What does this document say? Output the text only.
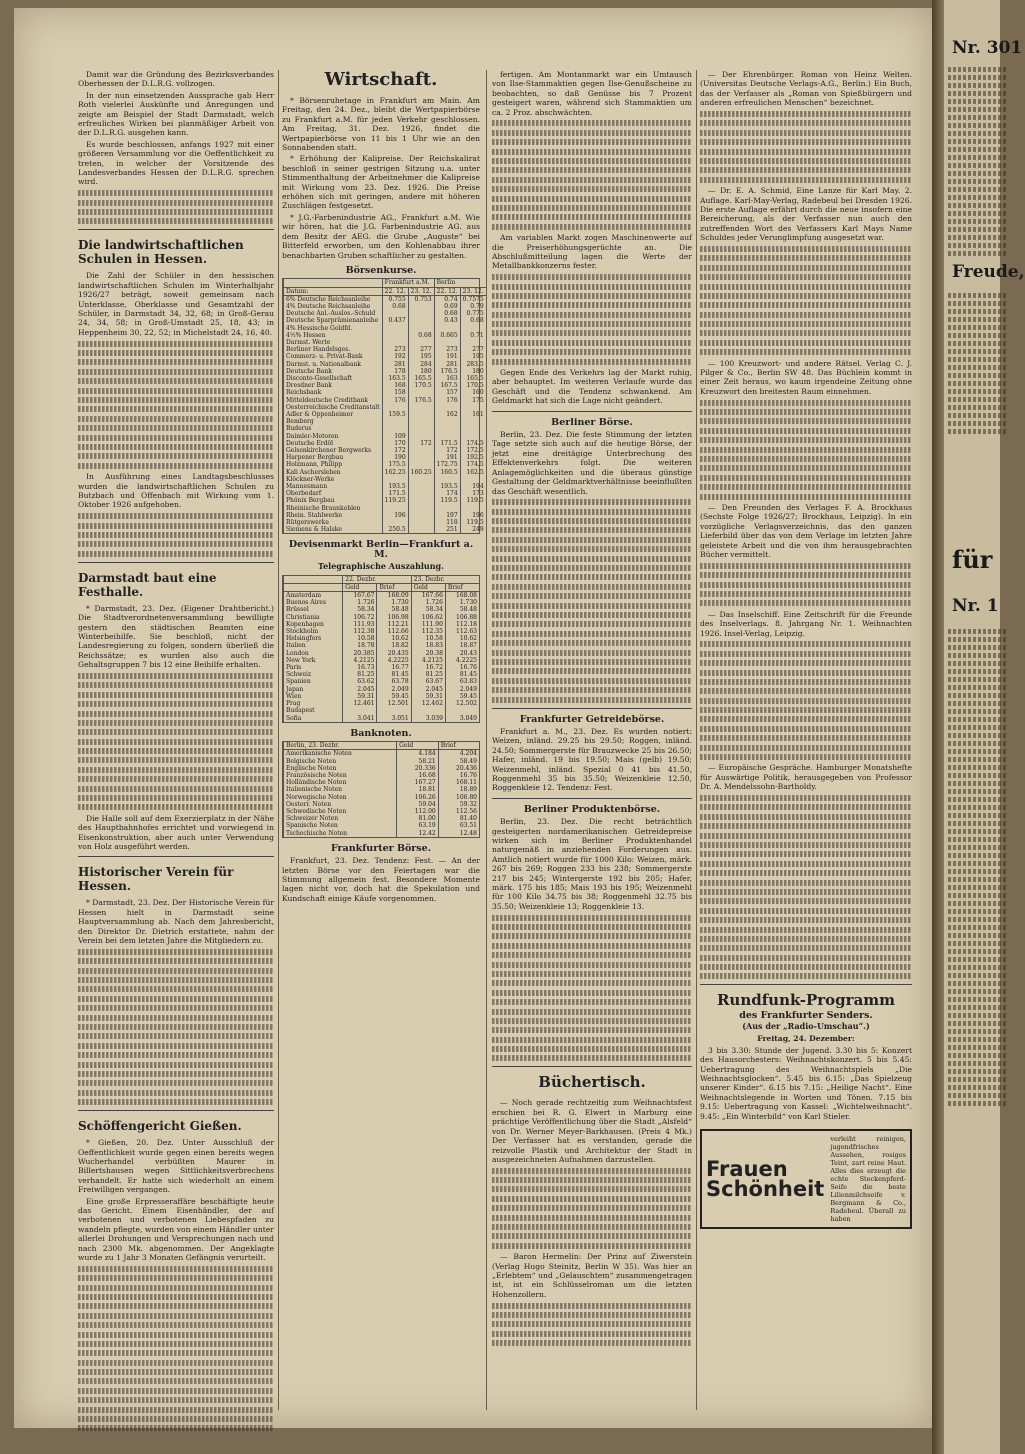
Nr. 301
Freude,
für
Nr. 1

Damit war die Gründung des Bezirksverbandes Oberhessen der D.L.R.G. vollzogen.

In der nun einsetzenden Aussprache gab Herr Roth vielerlei Auskünfte und Anregungen und zeigte am Beispiel der Stadt Darmstadt, welch erfreuliches Wirken bei planmäßiger Arbeit von der D.L.R.G. ausgehen kann.

Es wurde beschlossen, anfangs 1927 mit einer größeren Versammlung vor die Oeffentlichkeit zu treten, in welcher der Vorsitzende des Landesverbandes Hessen der D.L.R.G. sprechen wird.

Die landwirtschaftlichen Schulen in Hessen.

Die Zahl der Schüler in den hessischen landwirtschaftlichen Schulen im Winterhalbjahr 1926/27 beträgt, soweit gemeinsam nach Unterklasse, Oberklasse und Gesamtzahl der Schüler, in Darmstadt 34, 32, 68; in Groß-Gerau 24, 34, 58; in Groß-Umstadt 25, 18, 43; in Heppenheim 30, 22, 52; in Michelstadt 24, 16, 40.

In Ausführung eines Landtagsbeschlusses wurden die landwirtschaftlichen Schulen zu Butzbach und Offenbach mit Wirkung vom 1. Oktober 1926 aufgehoben.

Darmstadt baut eine Festhalle.

* Darmstadt, 23. Dez. (Eigener Drahtbericht.) Die Stadtverordnetenversammlung bewilligte gestern den städtischen Beamten eine Winterbeihilfe. Sie beschloß, nicht der Landesregierung zu folgen, sondern überließ die Reichssätze; es wurden also auch die Gehaltsgruppen 7 bis 12 eine Beihilfe erhalten.

Die Halle soll auf dem Exerzierplatz in der Nähe des Hauptbahnhofes errichtet und vorwiegend in Eisenkonstruktion, aber auch unter Verwendung von Holz ausgeführt werden.

Historischer Verein für Hessen.

* Darmstadt, 23. Dez. Der Historische Verein für Hessen hielt in Darmstadt seine Hauptversammlung ab. Nach dem Jahresbericht, den Direktor Dr. Dietrich erstattete, nahm der Verein bei dem letzten Jahre die Mitgliedern zu.

Schöffengericht Gießen.

* Gießen, 20. Dez. Unter Ausschluß der Oeffentlichkeit wurde gegen einen bereits wegen Wucherhandel verbüßten Maurer in Billertshausen wegen Sittlichkeitsverbrechens verhandelt. Er hatte sich wiederholt an einem Freiwilligen vergangen.

Eine große Erpresseraffäre beschäftigte heute das Gericht. Einem Eisenhändler, der auf verbotenen und verbotenen Liebespfaden zu wandeln pflegte, wurden von einem Händler unter allerlei Drohungen und Versprechungen nach und nach 2300 Mk. abgenommen. Der Angeklagte wurde zu 1 Jahr 3 Monaten Gefängnis verurteilt.

Wirtschaft.

* Börsenruhetage in Frankfurt am Main. Am Freitag, den 24. Dez., bleibt die Wertpapierbörse zu Frankfurt a.M. für jeden Verkehr geschlossen. Am Freitag, 31. Dez. 1926, findet die Wertpapierbörse von 11 bis 1 Uhr wie an den Sonnabenden statt.

* Erhöhung der Kalipreise. Der Reichskalirat beschloß in seiner gestrigen Sitzung u.a. unter Stimmenthaltung der Arbeitnehmer die Kalipreise mit Wirkung vom 23. Dez. 1926. Die Preise erhöhen sich mit geringen, andere mit höheren Zuschlägen festgesetzt.

* J.G.-Farbenindustrie AG., Frankfurt a.M. Wie wir hören, hat die J.G. Farbenindustrie AG. aus dem Besitz der AEG. die Grube „Auguste“ bei Bitterfeld erworben, um den Kohlenabbau ihrer benachbarten Gruben schaftlicher zu gestalten.

Börsenkurse.
	Frankfurt a.M.		Berlin	
Datum:	22. 12.	23. 12.	22. 12.	23. 12.
6% Deutsche Reichsanleihe	0.755	0.753	0.74	0.7575
4% Deutsche Reichsanleihe	0.68		0.69	0.79
Deutsche Anl.-Auslos.-Schuld			0.68	0.775
Deutsche Sparprämienanleihe	0.437		0.43	0.68
4% Hessische Goldfd.				
4½% Hessen		0.68	0.665	0.71
Darmst. Werte				
Berliner Handelsges.	273	277	273	277
Commerz- u. Privat-Bank	192	195	191	195
Darmst. u. Nationalbank	281	284	281	283.5
Deutsche Bank	178	180	176.5	180
Disconto-Gesellschaft	163.5	165.5	163	165.5
Dresdner Bank	168	170.5	167.5	170.5
Reichsbank	158		157	160
Mitteldeutsche Creditbank	176	176.5	176	175
Oesterreichische Creditanstalt				
Adler & Oppenheimer	159.5		162	161
Bemberg				
Buderus				
Daimler-Motoren	109			
Deutsche Erdöl	170	172	171.5	174.5
Gelsenkirchener Bergwerks	172		172	172.5
Harpener Bergbau	190		191	192.5
Holzmann, Philipp	175.5		172.75	174.5
Kali Aschersleben	162.25	160.25	160.5	162.5
Klöckner-Werke				
Mannesmann	193.5		193.5	194
Oberbedarf	171.5		174	173
Phönix Bergbau	119.25		119.5	119.5
Rheinische Braunkohlen				
Rhein. Stahlwerke	196		197	196
Rütgerswerke			118	119.5
Siemens & Halske	250.5		251	249
Devisenmarkt Berlin—Frankfurt a. M.
Telegraphische Auszahlung.
	22. Dezbr.		23. Dezbr.	
	Geld	Brief	Geld	Brief
Amsterdam	167.67	168.09	167.66	168.08
Buenos Aires	1.726	1.730	1.726	1.730
Brüssel	58.34	58.48	58.34	58.48
Christiania	106.72	106.98	106.62	106.88
Kopenhagen	111.93	112.21	111.90	112.18
Stockholm	112.38	112.66	112.35	112.63
Helsingfors	10.58	10.62	10.58	10.62
Italien	18.78	18.82	18.83	18.87
London	20.385	20.435	20.38	20.43
New York	4.2125	4.2225	4.2125	4.2225
Paris	16.73	16.77	16.72	16.76
Schweiz	81.25	81.45	81.25	81.45
Spanien	63.62	63.78	63.67	63.83
Japan	2.045	2.049	2.045	2.049
Wien	59.31	59.45	59.31	59.45
Prag	12.461	12.501	12.462	12.502
Budapest				
Sofia	3.041	3.051	3.039	3.049
Banknoten.
Berlin, 23. Dezbr.	Geld	Brief
Amerikanische Noten	4.184	4.204
Belgische Noten	58.21	58.49
Englische Noten	20.336	20.436
Französische Noten	16.68	16.76
Holländische Noten	167.27	168.11
Italienische Noten	18.81	18.89
Norwegische Noten	106.26	106.80
Oesterr. Noten	59.04	59.32
Schwedische Noten	112.00	112.56
Schweizer Noten	81.00	81.40
Spanische Noten	63.19	63.51
Tschechische Noten	12.42	12.48
Frankfurter Börse.

Frankfurt, 23. Dez. Tendenz: Fest. — An der letzten Börse vor den Feiertagen war die Stimmung allgemein fest. Besondere Momente lagen nicht vor, doch hat die Spekulation und Kundschaft einige Käufe vorgenommen.

fertigen. Am Montanmarkt war ein Umtausch von Ilse-Stammaktien gegen Ilse-Genußscheine zu beobachten, so daß Genüsse bis 7 Prozent gesteigert waren, während sich Stammaktien um ca. 2 Proz. abschwächten.

Am variablen Markt zogen Maschinenwerte auf die Preiserhöhungsgerüchte an. Die Abschlußmitteilung lagen die Werte der Metallbankkonzerns fester.

Gegen Ende des Verkehrs lag der Markt ruhig, aber behauptet. Im weiteren Verlaufe wurde das Geschäft und die Tendenz schwankend. Am Geldmarkt hat sich die Lage nicht geändert.

Berliner Börse.

Berlin, 23. Dez. Die feste Stimmung der letzten Tage setzte sich auch auf die heutige Börse, der jetzt eine dreitägige Unterbrechung des Effektenverkehrs folgt. Die weiteren Anlagemöglichkeiten und die überaus günstige Gestaltung der Geldmarktverhältnisse beeinflußten das Geschäft wesentlich.

Frankfurter Getreidebörse.

Frankfurt a. M., 23. Dez. Es wurden notiert: Weizen, inländ. 29.25 bis 29.50; Roggen, inländ. 24.50; Sommergerste für Brauzwecke 25 bis 26.50; Hafer, inländ. 19 bis 19.50; Mais (gelb) 19.50; Weizenmehl, inländ. Spezial 0 41 bis 41.50, Roggenmehl 35 bis 35.50; Weizenkleie 12.50, Roggenkleie 12. Tendenz: Fest.

Berliner Produktenbörse.

Berlin, 23. Dez. Die recht beträchtlich gesteigerten nordamerikanischen Getreidepreise wirken sich im Berliner Produktenhandel naturgemäß in anziehenden Forderungen aus. Amtlich notiert wurde für 1000 Kilo: Weizen, märk. 267 bis 269; Roggen 233 bis 238; Sommergerste 217 bis 245; Wintergerste 192 bis 205; Hafer, märk. 175 bis 185; Mais 193 bis 195; Weizenmehl für 100 Kilo 34.75 bis 38; Roggenmehl 32.75 bis 35.50; Weizenkleie 13; Roggenkleie 13.

Büchertisch.

— Noch gerade rechtzeitig zum Weihnachtsfest erschien bei R. G. Elwert in Marburg eine prächtige Veröffentlichung über die Stadt „Alsfeld“ von Dr. Werner Meyer-Barkhausen. (Preis 4 Mk.) Der Verfasser hat es verstanden, gerade die reizvolle Plastik und Architektur der Stadt in ausgezeichneten Aufnahmen darzustellen.

— Baron Hermelin: Der Prinz auf Ziwerstein (Verlag Hugo Steinitz, Berlin W 35). Was hier an „Erlebtem“ und „Gelauschtem“ zusammengetragen ist, ist ein Schlüsselroman um die letzten Hohenzollern.

— Der Ehrenbürger. Roman von Heinz Welten. (Universitas Deutsche Verlags-A.G., Berlin.) Ein Buch, das der Verfasser als „Roman von Spießbürgern und anderen erfreulichen Menschen“ bezeichnet.

— Dr. E. A. Schmid, Eine Lanze für Karl May. 2. Auflage. Karl-May-Verlag, Radebeul bei Dresden 1926. Die erste Auflage erfährt durch die neue insofern eine Bereicherung, als der Verfasser nun auch den zutreffenden Wort des Verfassers Karl Mays Name Schuldes jeder Verunglimpfung ausgesetzt war.

— 100 Kreuzwort- und andere Rätsel. Verlag C. J. Pilger & Co., Berlin SW 48. Das Büchlein kommt in einer Zeit heraus, wo kaum irgendeine Zeitung ohne Kreuzwort den breitesten Raum einnehmen.

— Den Freunden des Verlages F. A. Brockhaus (Sechste Folge 1926/27; Brockhaus, Leipzig). In ein vorzügliche Verlagsverzeichnis, das den ganzen Lieferbild über das von dem Verlage im letzten Jahre geleistete Arbeit und die von ihm herausgebrachten Bücher vermittelt.

— Das Inselschiff. Eine Zeitschrift für die Freunde des Inselverlags. 8. Jahrgang Nr. 1. Weihnachten 1926. Insel-Verlag, Leipzig.

— Europäische Gespräche. Hamburger Monatshefte für Auswärtige Politik, herausgegeben von Professor Dr. A. Mendelssohn-Bartholdy.

Rundfunk-Programm
des Frankfurter Senders.
(Aus der „Radio-Umschau“.)
Freitag, 24. Dezember:

3 bis 3.30: Stunde der Jugend. 3.30 bis 5: Konzert des Hausorchesters: Weihnachtskonzert. 5 bis 5.45: Uebertragung des Weihnachtspiels „Die Weihnachtsglocken“. 5.45 bis 6.15: „Das Spielzeug unserer Kinder“. 6.15 bis 7.15: „Heilige Nacht“. Eine Weihnachtslegende in Worten und Tönen. 7.15 bis 9.15: Uebertragung von Kassel: „Wichtelweihnacht“. 9.45: „Ein Winterbild“ von Karl Stieler.

Frauen
Schönheit
verleiht reinigen, jugendfrisches Aussehen, rosiges Teint, zart reine Haut. Alles dies erzeugt die echte Steckenpferd-Seife die beste Lilienmilchseife v. Bergmann & Co., Radebeul. Überall zu haben
